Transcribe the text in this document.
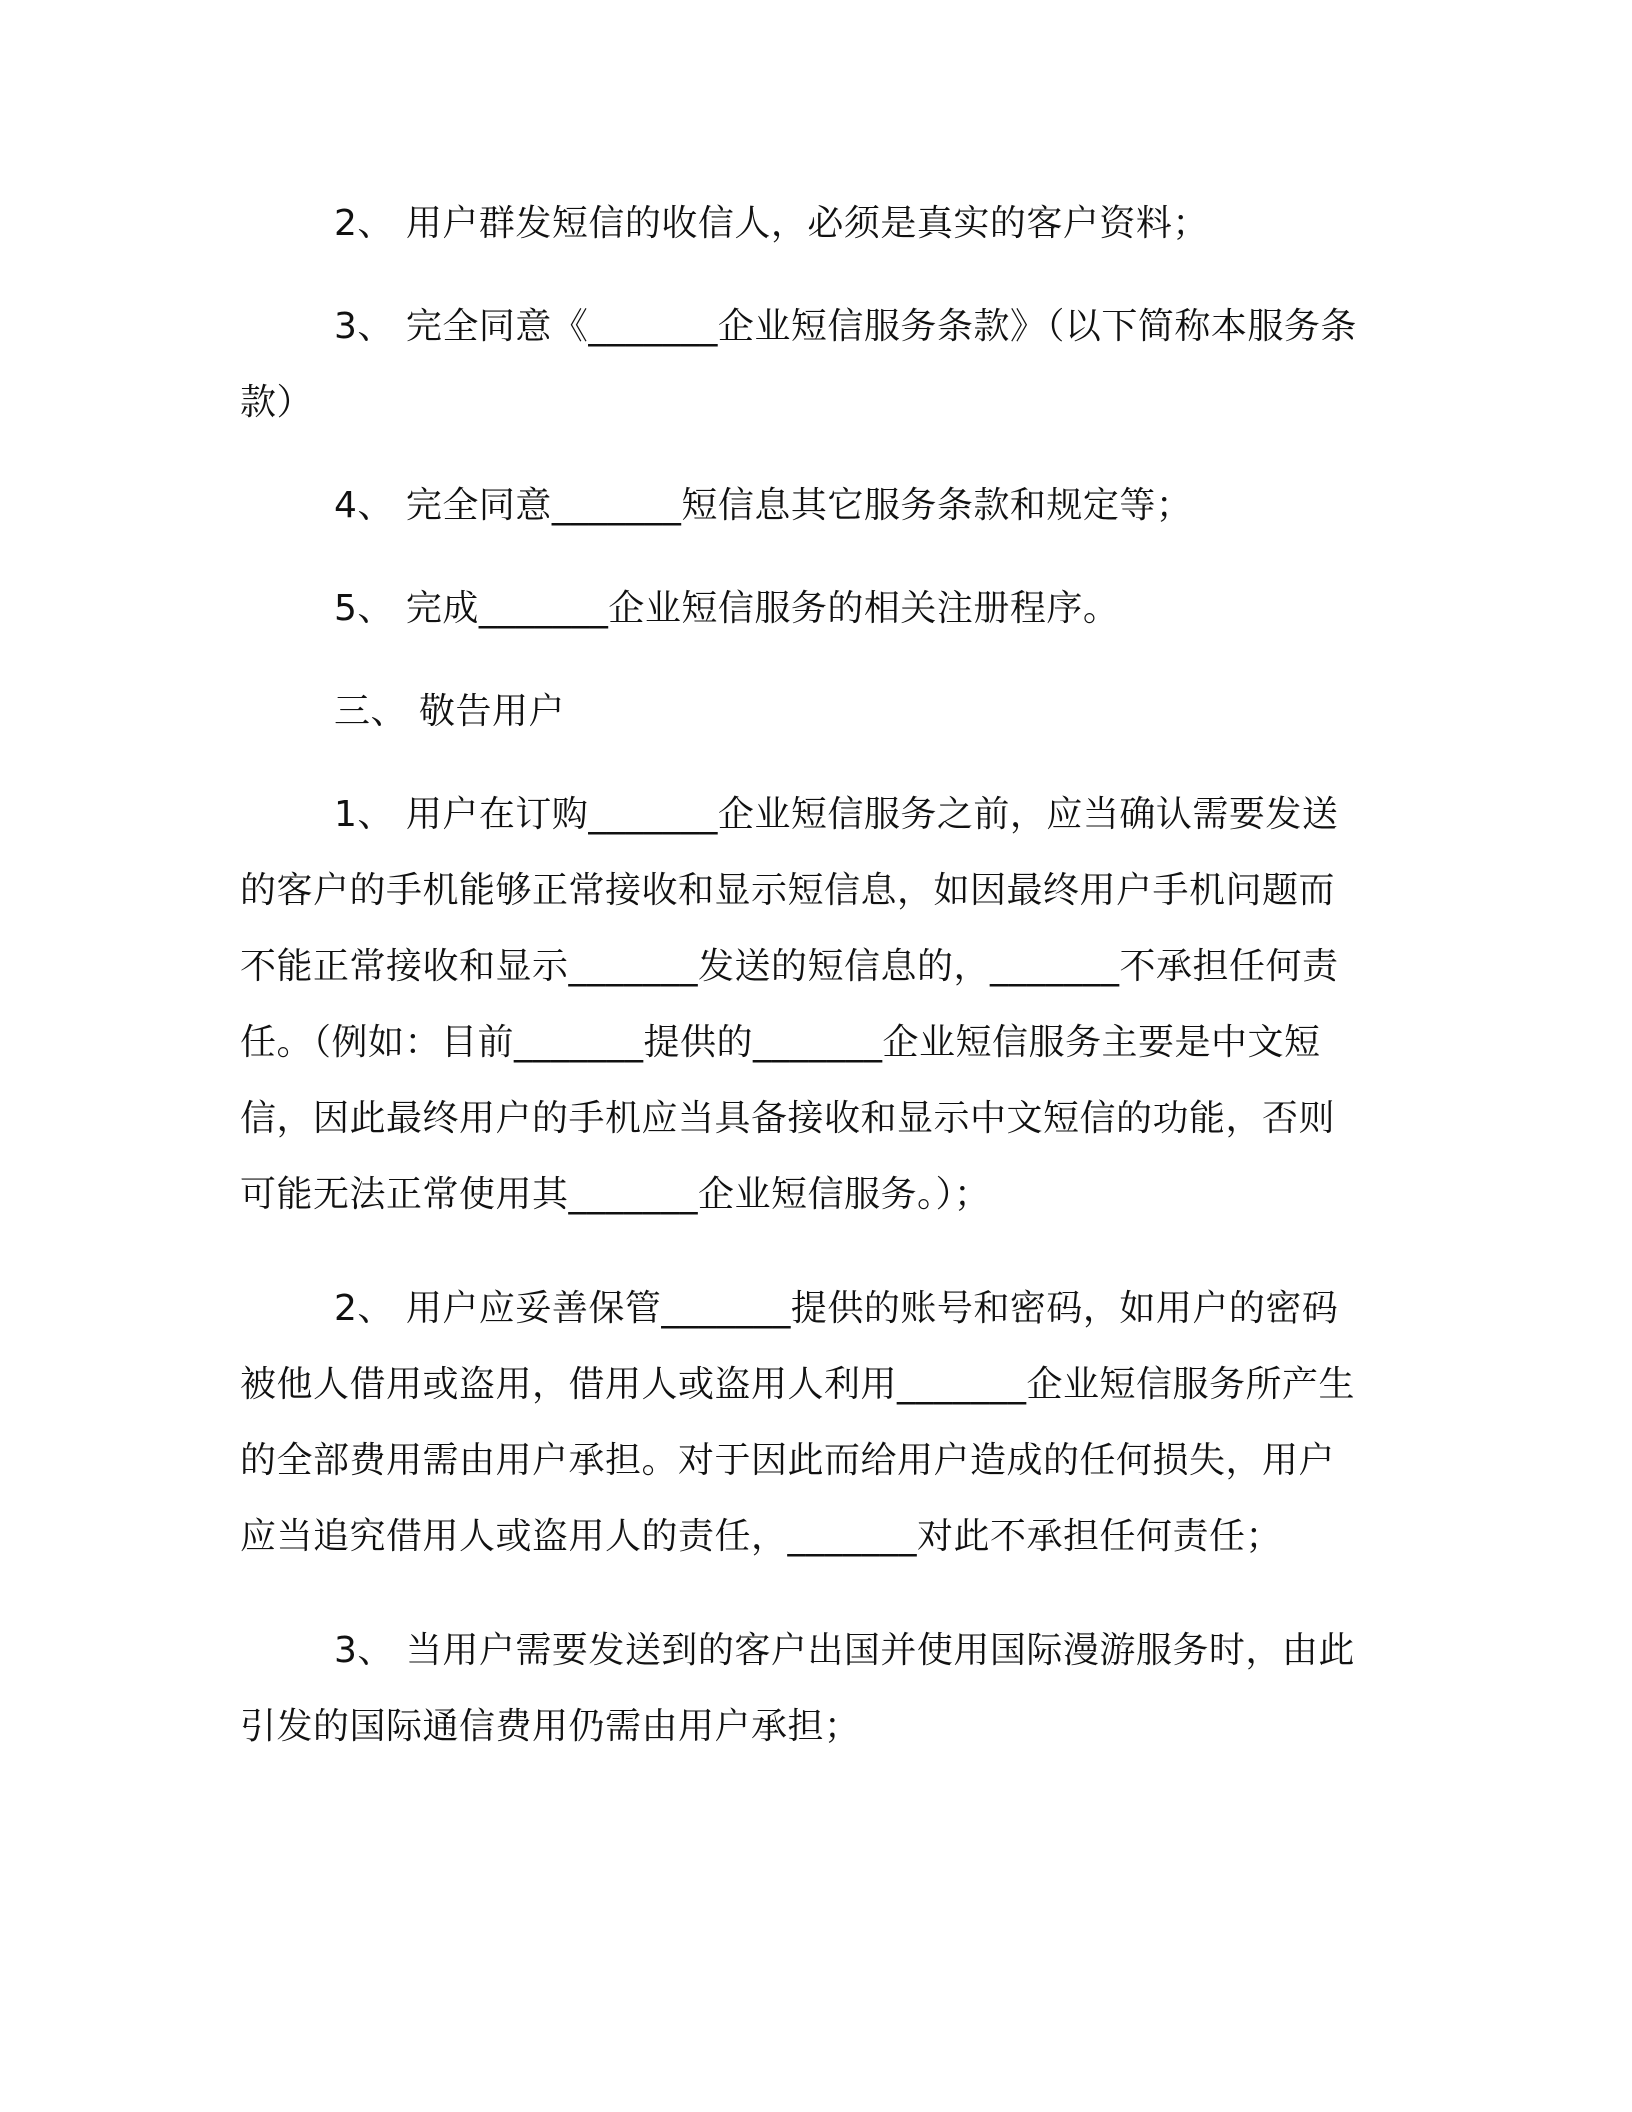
2、 用户群发短信的收信人，必须是真实的客户资料；

3、 完全同意《_______企业短信服务条款》（以下简称本服务条款）

4、 完全同意_______短信息其它服务条款和规定等；

5、 完成_______企业短信服务的相关注册程序。

三、 敬告用户

1、 用户在订购_______企业短信服务之前，应当确认需要发送的客户的手机能够正常接收和显示短信息，如因最终用户手机问题而不能正常接收和显示_______发送的短信息的，_______不承担任何责任。（例如：目前_______提供的_______企业短信服务主要是中文短信，因此最终用户的手机应当具备接收和显示中文短信的功能，否则可能无法正常使用其_______企业短信服务。）；

2、 用户应妥善保管_______提供的账号和密码，如用户的密码被他人借用或盗用，借用人或盗用人利用_______企业短信服务所产生的全部费用需由用户承担。对于因此而给用户造成的任何损失，用户应当追究借用人或盗用人的责任，_______对此不承担任何责任；

3、 当用户需要发送到的客户出国并使用国际漫游服务时，由此引发的国际通信费用仍需由用户承担；
